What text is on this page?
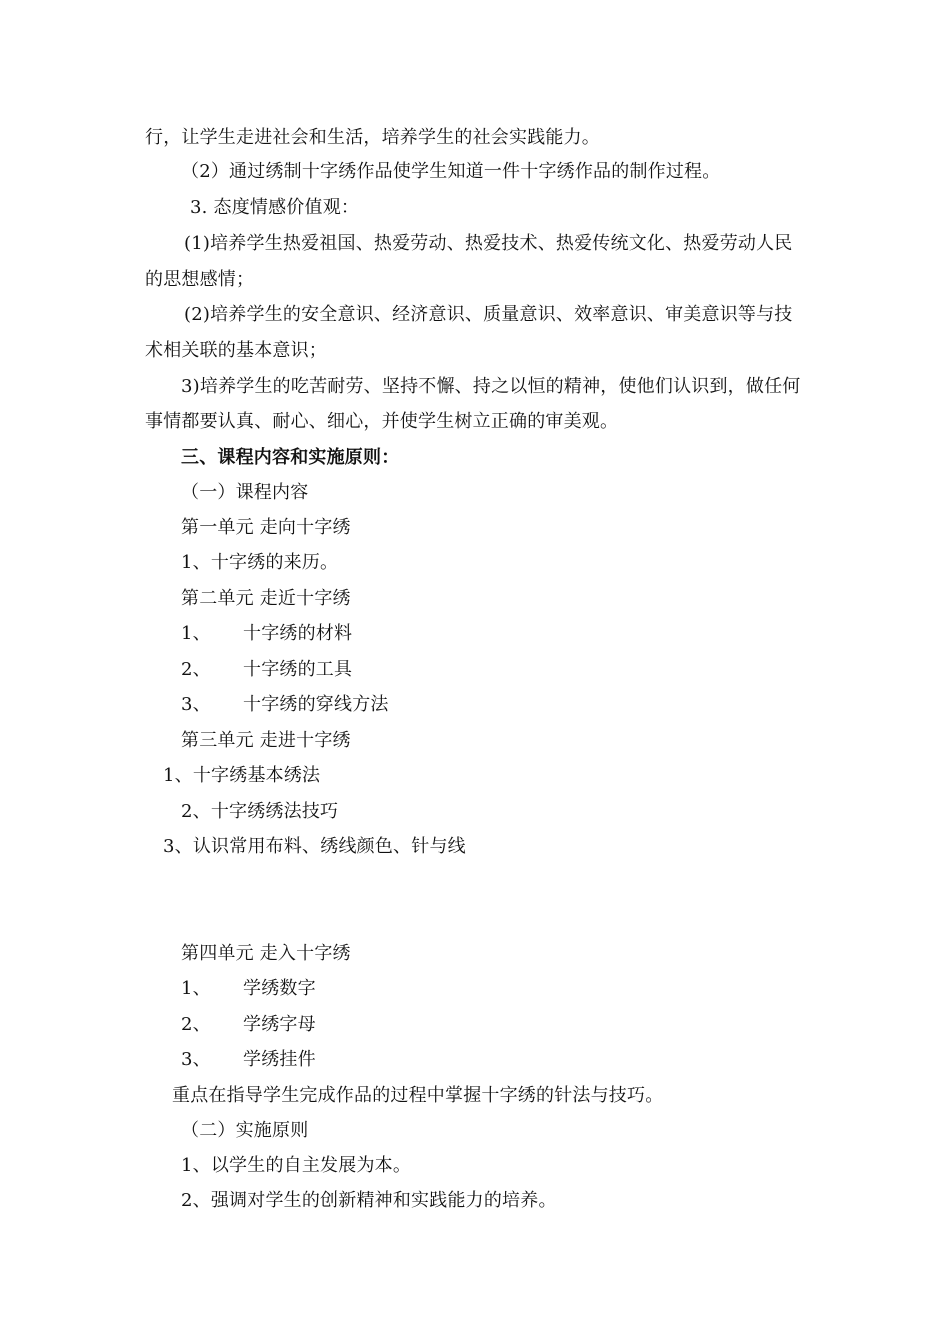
行，让学生走进社会和生活，培养学生的社会实践能力。
（2）通过绣制十字绣作品使学生知道一件十字绣作品的制作过程。
3. 态度情感价值观：
(1)培养学生热爱祖国、热爱劳动、热爱技术、热爱传统文化、热爱劳动人民
的思想感情；
(2)培养学生的安全意识、经济意识、质量意识、效率意识、审美意识等与技
术相关联的基本意识；
3)培养学生的吃苦耐劳、坚持不懈、持之以恒的精神，使他们认识到，做任何
事情都要认真、耐心、细心，并使学生树立正确的审美观。
三、课程内容和实施原则：
（一）课程内容
第一单元 走向十字绣
1、十字绣的来历。
第二单元 走近十字绣
1、 十字绣的材料
2、 十字绣的工具
3、 十字绣的穿线方法
第三单元 走进十字绣
1、十字绣基本绣法
2、十字绣绣法技巧
3、认识常用布料、绣线颜色、针与线
第四单元 走入十字绣
1、 学绣数字
2、 学绣字母
3、 学绣挂件
重点在指导学生完成作品的过程中掌握十字绣的针法与技巧。
（二）实施原则
1、以学生的自主发展为本。
2、强调对学生的创新精神和实践能力的培养。
